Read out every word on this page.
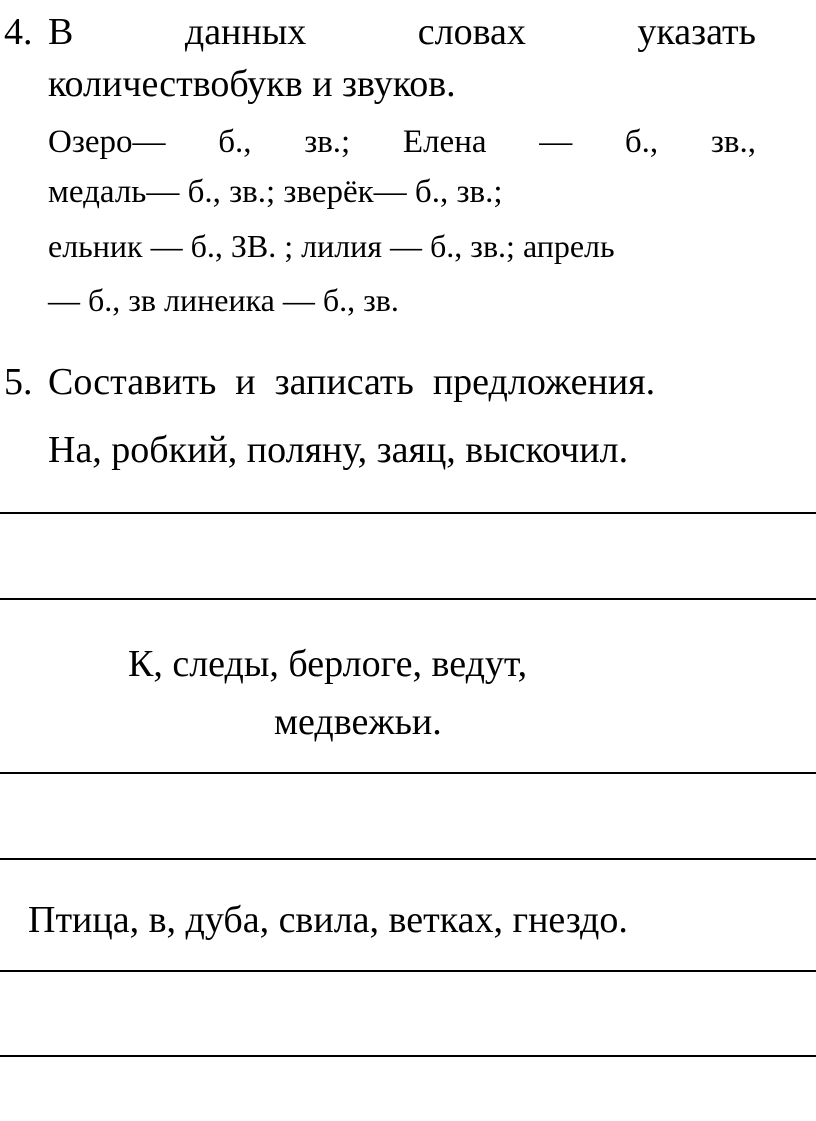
4. В	данных	словах	указать
количествобукв и звуков.
Озеро— б., зв.; Елена — б., зв.,
медаль— б., зв.; зверёк— б., зв.;
ельник — б., ЗВ. ; лилия — б., зв.; апрель
— б., зв линеика — б., зв.
5. Составить  и  записать  предложения.
На, робкий, поляну, заяц, выскочил.
К, следы, берлоге, ведут,
медвежьи.
Птица, в, дуба, свила, ветках, гнездо.
